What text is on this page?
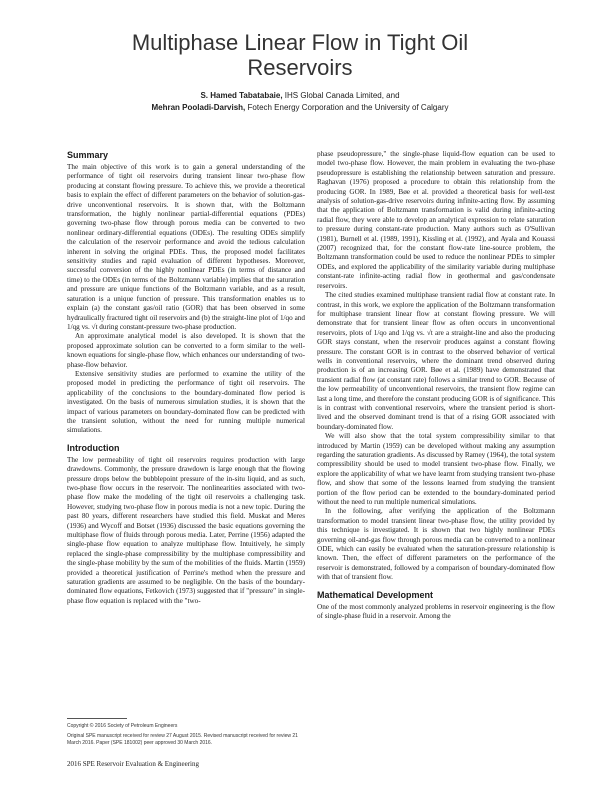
Multiphase Linear Flow in Tight Oil
Reservoirs
S. Hamed Tabatabaie, IHS Global Canada Limited, and
Mehran Pooladi-Darvish, Fotech Energy Corporation and the University of Calgary
Summary

The main objective of this work is to gain a general understanding of the performance of tight oil reservoirs during transient linear two-phase flow producing at constant flowing pressure. To achieve this, we provide a theoretical basis to explain the effect of different parameters on the behavior of solution-gas-drive unconventional reservoirs. It is shown that, with the Boltzmann transformation, the highly nonlinear partial-differential equations (PDEs) governing two-phase flow through porous media can be converted to two nonlinear ordinary-differential equations (ODEs). The resulting ODEs simplify the calculation of the reservoir performance and avoid the tedious calculation inherent in solving the original PDEs. Thus, the proposed model facilitates sensitivity studies and rapid evaluation of different hypotheses. Moreover, successful conversion of the highly nonlinear PDEs (in terms of distance and time) to the ODEs (in terms of the Boltzmann variable) implies that the saturation and pressure are unique functions of the Boltzmann variable, and as a result, saturation is a unique function of pressure. This transformation enables us to explain (a) the constant gas/oil ratio (GOR) that has been observed in some hydraulically fractured tight oil reservoirs and (b) the straight-line plot of 1/qo and 1/qg vs. √t during constant-pressure two-phase production.

An approximate analytical model is also developed. It is shown that the proposed approximate solution can be converted to a form similar to the well-known equations for single-phase flow, which enhances our understanding of two-phase-flow behavior.

Extensive sensitivity studies are performed to examine the utility of the proposed model in predicting the performance of tight oil reservoirs. The applicability of the conclusions to the boundary-dominated flow period is investigated. On the basis of numerous simulation studies, it is shown that the impact of various parameters on boundary-dominated flow can be predicted with the transient solution, without the need for running multiple numerical simulations.

Introduction

The low permeability of tight oil reservoirs requires production with large drawdowns. Commonly, the pressure drawdown is large enough that the flowing pressure drops below the bubblepoint pressure of the in-situ liquid, and as such, two-phase flow occurs in the reservoir. The nonlinearities associated with two-phase flow make the modeling of the tight oil reservoirs a challenging task. However, studying two-phase flow in porous media is not a new topic. During the past 80 years, different researchers have studied this field. Muskat and Meres (1936) and Wycoff and Botset (1936) discussed the basic equations governing the multiphase flow of fluids through porous media. Later, Perrine (1956) adapted the single-phase flow equation to analyze multiphase flow. Intuitively, he simply replaced the single-phase compressibility by the multiphase compressibility and the single-phase mobility by the sum of the mobilities of the fluids. Martin (1959) provided a theoretical justification of Perrine's method when the pressure and saturation gradients are assumed to be negligible. On the basis of the boundary-dominated flow equations, Fetkovich (1973) suggested that if "pressure" in single-phase flow equation is replaced with the "two-

phase pseudopressure," the single-phase liquid-flow equation can be used to model two-phase flow. However, the main problem in evaluating the two-phase pseudopressure is establishing the relationship between saturation and pressure. Raghavan (1976) proposed a procedure to obtain this relationship from the producing GOR. In 1989, Bøe et al. provided a theoretical basis for well-test analysis of solution-gas-drive reservoirs during infinite-acting flow. By assuming that the application of Boltzmann transformation is valid during infinite-acting radial flow, they were able to develop an analytical expression to relate saturation to pressure during constant-rate production. Many authors such as O'Sullivan (1981), Burnell et al. (1989, 1991), Kissling et al. (1992), and Ayala and Kouassi (2007) recognized that, for the constant flow-rate line-source problem, the Boltzmann transformation could be used to reduce the nonlinear PDEs to simpler ODEs, and explored the applicability of the similarity variable during multiphase constant-rate infinite-acting radial flow in geothermal and gas/condensate reservoirs.

The cited studies examined multiphase transient radial flow at constant rate. In contrast, in this work, we explore the application of the Boltzmann transformation for multiphase transient linear flow at constant flowing pressure. We will demonstrate that for transient linear flow as often occurs in unconventional reservoirs, plots of 1/qo and 1/qg vs. √t are a straight-line and also the producing GOR stays constant, when the reservoir produces against a constant flowing pressure. The constant GOR is in contrast to the observed behavior of vertical wells in conventional reservoirs, where the dominant trend observed during production is of an increasing GOR. Bøe et al. (1989) have demonstrated that transient radial flow (at constant rate) follows a similar trend to GOR. Because of the low permeability of unconventional reservoirs, the transient flow regime can last a long time, and therefore the constant producing GOR is of significance. This is in contrast with conventional reservoirs, where the transient period is short-lived and the observed dominant trend is that of a rising GOR associated with boundary-dominated flow.

We will also show that the total system compressibility similar to that introduced by Martin (1959) can be developed without making any assumption regarding the saturation gradients. As discussed by Ramey (1964), the total system compressibility should be used to model transient two-phase flow. Finally, we explore the applicability of what we have learnt from studying transient two-phase flow, and show that some of the lessons learned from studying the transient portion of the flow period can be extended to the boundary-dominated period without the need to run multiple numerical simulations.

In the following, after verifying the application of the Boltzmann transformation to model transient linear two-phase flow, the utility provided by this technique is investigated. It is shown that two highly nonlinear PDEs governing oil-and-gas flow through porous media can be converted to a nonlinear ODE, which can easily be evaluated when the saturation-pressure relationship is known. Then, the effect of different parameters on the performance of the reservoir is demonstrated, followed by a comparison of boundary-dominated flow with that of transient flow.

Mathematical Development

One of the most commonly analyzed problems in reservoir engineering is the flow of single-phase fluid in a reservoir. Among the

Copyright © 2016 Society of Petroleum Engineers
Original SPE manuscript received for review 27 August 2015. Revised manuscript received for review 21 March 2016. Paper (SPE 181002) peer approved 30 March 2016.
2016 SPE Reservoir Evaluation & Engineering
